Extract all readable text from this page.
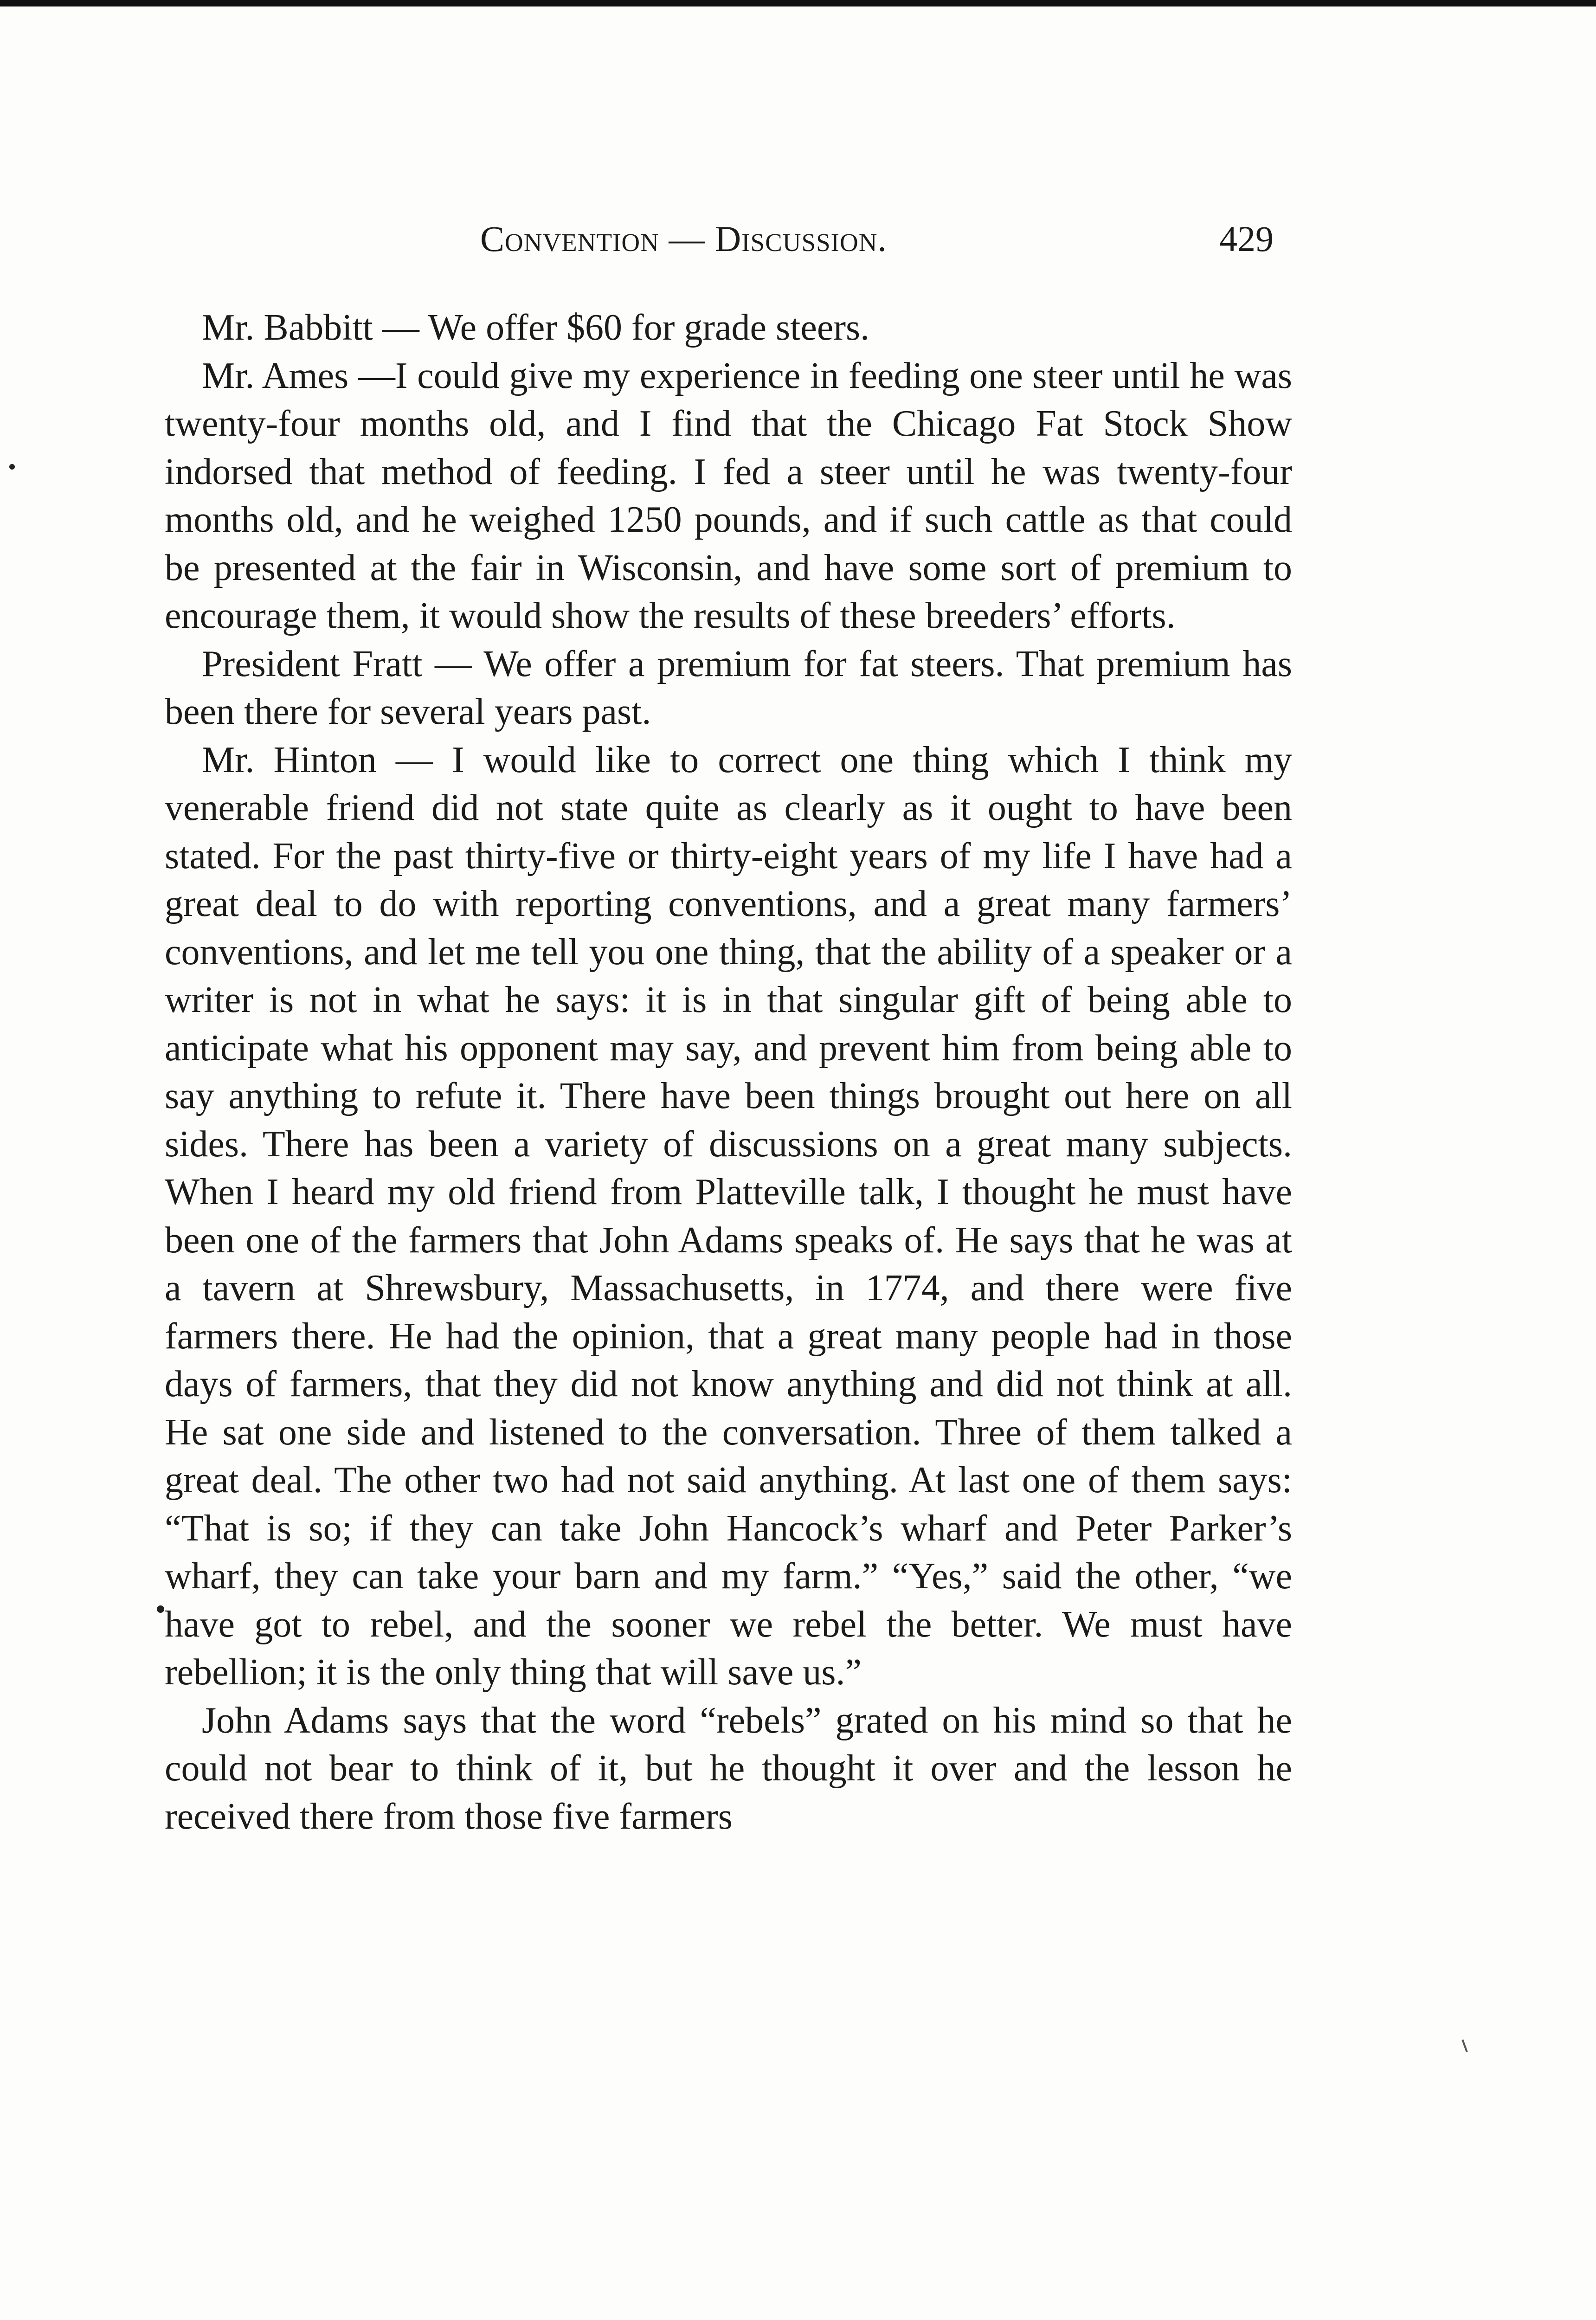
Convention — Discussion.	429

Mr. Babbitt — We offer $60 for grade steers.

Mr. Ames —I could give my experience in feeding one steer until he was twenty-four months old, and I find that the Chicago Fat Stock Show indorsed that method of feeding. I fed a steer until he was twenty-four months old, and he weighed 1250 pounds, and if such cattle as that could be presented at the fair in Wisconsin, and have some sort of premium to encourage them, it would show the results of these breeders’ efforts.

President Fratt — We offer a premium for fat steers. That premium has been there for several years past.

Mr. Hinton — I would like to correct one thing which I think my venerable friend did not state quite as clearly as it ought to have been stated. For the past thirty-five or thirty-eight years of my life I have had a great deal to do with reporting conventions, and a great many farmers’ conventions, and let me tell you one thing, that the ability of a speaker or a writer is not in what he says: it is in that singular gift of being able to anticipate what his opponent may say, and prevent him from being able to say anything to refute it. There have been things brought out here on all sides. There has been a variety of discussions on a great many subjects. When I heard my old friend from Platteville talk, I thought he must have been one of the farmers that John Adams speaks of. He says that he was at a tavern at Shrewsbury, Massachusetts, in 1774, and there were five farmers there. He had the opinion, that a great many people had in those days of farmers, that they did not know anything and did not think at all. He sat one side and listened to the conversation. Three of them talked a great deal. The other two had not said anything. At last one of them says: “That is so; if they can take John Hancock’s wharf and Peter Parker’s wharf, they can take your barn and my farm.” “Yes,” said the other, “we have got to rebel, and the sooner we rebel the better. We must have rebellion; it is the only thing that will save us.”

John Adams says that the word “rebels” grated on his mind so that he could not bear to think of it, but he thought it over and the lesson he received there from those five farmers
